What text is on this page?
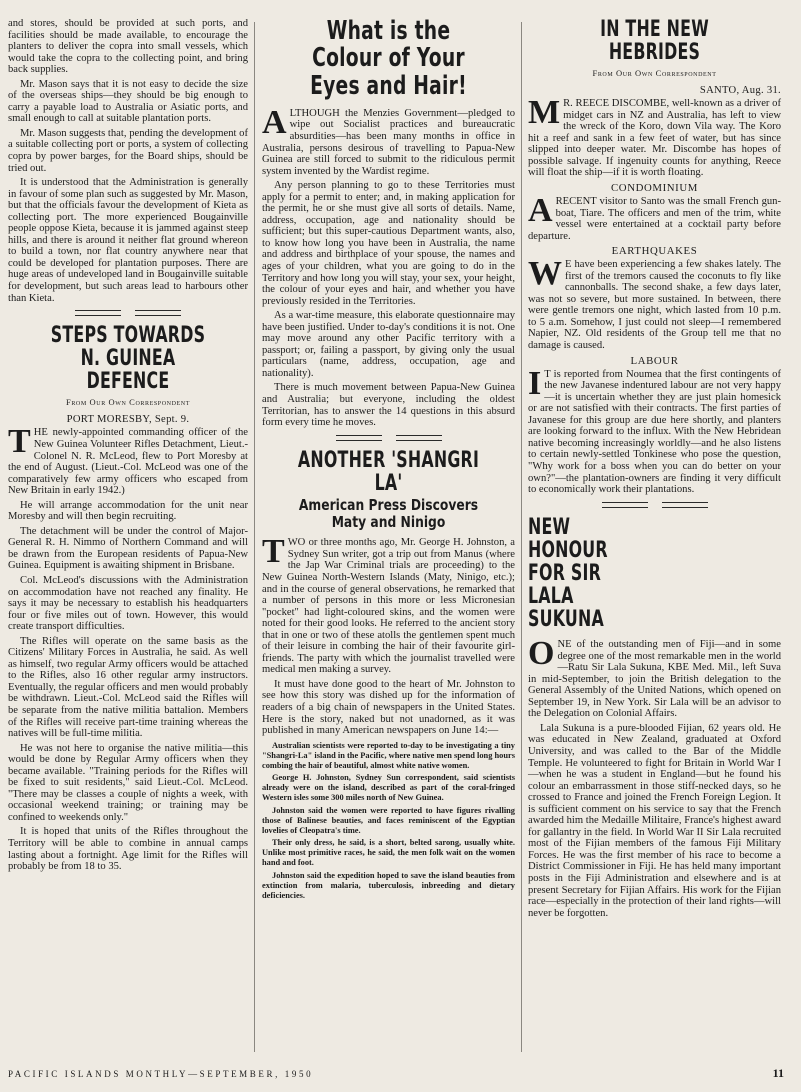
and stores, should be provided at such ports, and facilities should be made available, to encourage the planters to deliver the copra into small vessels, which would take the copra to the collecting point, and bring back supplies.

Mr. Mason says that it is not easy to decide the size of the overseas ships—they should be big enough to carry a payable load to Australia or Asiatic ports, and small enough to call at suitable plantation ports.

Mr. Mason suggests that, pending the development of a suitable collecting port or ports, a system of collecting copra by power barges, for the Board ships, should be tried out.

It is understood that the Administration is generally in favour of some plan such as suggested by Mr. Mason, but that the officials favour the development of Kieta as collecting port. The more experienced Bougainville people oppose Kieta, because it is jammed against steep hills, and there is around it neither flat ground whereon to build a town, nor flat country anywhere near that could be developed for plantation purposes. There are huge areas of undeveloped land in Bougainville suitable for development, but such areas lead to harbours other than Kieta.

STEPS TOWARDS N. GUINEA DEFENCE
From Our Own Correspondent
PORT MORESBY, Sept. 9.

THE newly-appointed commanding officer of the New Guinea Volunteer Rifles Detachment, Lieut.-Colonel N. R. McLeod, flew to Port Moresby at the end of August. (Lieut.-Col. McLeod was one of the comparatively few army officers who escaped from New Britain in early 1942.)

He will arrange accommodation for the unit near Moresby and will then begin recruiting.

The detachment will be under the control of Major-General R. H. Nimmo of Northern Command and will be drawn from the European residents of Papua-New Guinea. Equipment is awaiting shipment in Brisbane.

Col. McLeod's discussions with the Administration on accommodation have not reached any finality. He says it may be necessary to establish his headquarters four or five miles out of town. However, this would create transport difficulties.

The Rifles will operate on the same basis as the Citizens' Military Forces in Australia, he said. As well as himself, two regular Army officers would be attached to the Rifles, also 16 other regular army instructors. Eventually, the regular officers and men would probably be withdrawn. Lieut.-Col. McLeod said the Rifles will be separate from the native militia battalion. Members of the Rifles will receive part-time training whereas the natives will be full-time militia.

He was not here to organise the native militia—this would be done by Regular Army officers when they became available. "Training periods for the Rifles will be fixed to suit residents," said Lieut.-Col. McLeod. "There may be classes a couple of nights a week, with occasional weekend training; or training may be confined to weekends only."

It is hoped that units of the Rifles throughout the Territory will be able to combine in annual camps lasting about a fortnight. Age limit for the Rifles will probably be from 18 to 35.

What is the Colour of Your Eyes and Hair!

ALTHOUGH the Menzies Government—pledged to wipe out Socialist practices and bureaucratic absurdities—has been many months in office in Australia, persons desirous of travelling to Papua-New Guinea are still forced to submit to the ridiculous permit system invented by the Wardist regime.

Any person planning to go to these Territories must apply for a permit to enter; and, in making application for the permit, he or she must give all sorts of details. Name, address, occupation, age and nationality should be sufficient; but this super-cautious Department wants, also, to know how long you have been in Australia, the name and address and birthplace of your spouse, the names and ages of your children, what you are going to do in the Territory and how long you will stay, your sex, your height, the colour of your eyes and hair, and whether you have previously resided in the Territories.

As a war-time measure, this elaborate questionnaire may have been justified. Under to-day's conditions it is not. One may move around any other Pacific territory with a passport; or, failing a passport, by giving only the usual particulars (name, address, occupation, age and nationality).

There is much movement between Papua-New Guinea and Australia; but everyone, including the oldest Territorian, has to answer the 14 questions in this absurd form every time he moves.

ANOTHER 'SHANGRI LA'
American Press Discovers Maty and Ninigo

TWO or three months ago, Mr. George H. Johnston, a Sydney Sun writer, got a trip out from Manus (where the Jap War Criminal trials are proceeding) to the New Guinea North-Western Islands (Maty, Ninigo, etc.); and in the course of general observations, he remarked that a number of persons in this more or less Micronesian "pocket" had light-coloured skins, and the women were noted for their good looks. He referred to the ancient story that in one or two of these atolls the gentlemen spent much of their leisure in combing the hair of their favourite girl-friends. The party with which the journalist travelled were medical men making a survey.

It must have done good to the heart of Mr. Johnston to see how this story was dished up for the information of readers of a big chain of newspapers in the United States. Here is the story, naked but not unadorned, as it was published in many American newspapers on June 14:—

Australian scientists were reported to-day to be investigating a tiny "Shangri-La" island in the Pacific, where native men spend long hours combing the hair of beautiful, almost white native women.

George H. Johnston, Sydney Sun correspondent, said scientists already were on the island, described as part of the coral-fringed Western isles some 300 miles north of New Guinea.

Johnston said the women were reported to have figures rivalling those of Balinese beauties, and faces reminiscent of the Egyptian lovelies of Cleopatra's time.

Their only dress, he said, is a short, belted sarong, usually white. Unlike most primitive races, he said, the men folk wait on the women hand and foot.

Johnston said the expedition hoped to save the island beauties from extinction from malaria, tuberculosis, inbreeding and dietary deficiencies.

IN THE NEW HEBRIDES
From Our Own Correspondent
SANTO, Aug. 31.

M R. REECE DISCOMBE, well-known as a driver of midget cars in NZ and Australia, has left to view the wreck of the Koro, down Vila way. The Koro hit a reef and sank in a few feet of water, but has since slipped into deeper water. Mr. Discombe has hopes of possible salvage. If ingenuity counts for anything, Reece will float the ship—if it is worth floating.

CONDOMINIUM

ARECENT visitor to Santo was the small French gun-boat, Tiare. The officers and men of the trim, white vessel were entertained at a cocktail party before departure.

EARTHQUAKES

W E have been experiencing a few shakes lately. The first of the tremors caused the coconuts to fly like cannonballs. The second shake, a few days later, was not so severe, but more sustained. In between, there were gentle tremors one night, which lasted from 10 p.m. to 5 a.m. Somehow, I just could not sleep—I remembered Napier, NZ. Old residents of the Group tell me that no damage is caused.

LABOUR

I T is reported from Noumea that the first contingents of the new Javanese indentured labour are not very happy—it is uncertain whether they are just plain homesick or are not satisfied with their contracts. The first parties of Javanese for this group are due here shortly, and planters are looking forward to the influx. With the New Hebridean native becoming increasingly worldly—and he also listens to certain newly-settled Tonkinese who pose the question, "Why work for a boss when you can do better on your own?"—the plantation-owners are finding it very difficult to economically work their plantations.

NEW HONOUR FOR SIR LALA SUKUNA

ONE of the outstanding men of Fiji—and in some degree one of the most remarkable men in the world—Ratu Sir Lala Sukuna, KBE Med. Mil., left Suva in mid-September, to join the British delegation to the General Assembly of the United Nations, which opened on September 19, in New York. Sir Lala will be an advisor to the Delegation on Colonial Affairs.

Lala Sukuna is a pure-blooded Fijian, 62 years old. He was educated in New Zealand, graduated at Oxford University, and was called to the Bar of the Middle Temple. He volunteered to fight for Britain in World War I—when he was a student in England—but he found his colour an embarrassment in those stiff-necked days, so he crossed to France and joined the French Foreign Legion. It is sufficient comment on his service to say that the French awarded him the Medaille Militaire, France's highest award for gallantry in the field. In World War II Sir Lala recruited most of the Fijian members of the famous Fiji Military Forces. He was the first member of his race to become a District Commissioner in Fiji. He has held many important posts in the Fiji Administration and elsewhere and is at present Secretary for Fijian Affairs. His work for the Fijian race—especially in the protection of their land rights—will never be forgotten.

PACIFIC ISLANDS MONTHLY—SEPTEMBER, 1950	11
